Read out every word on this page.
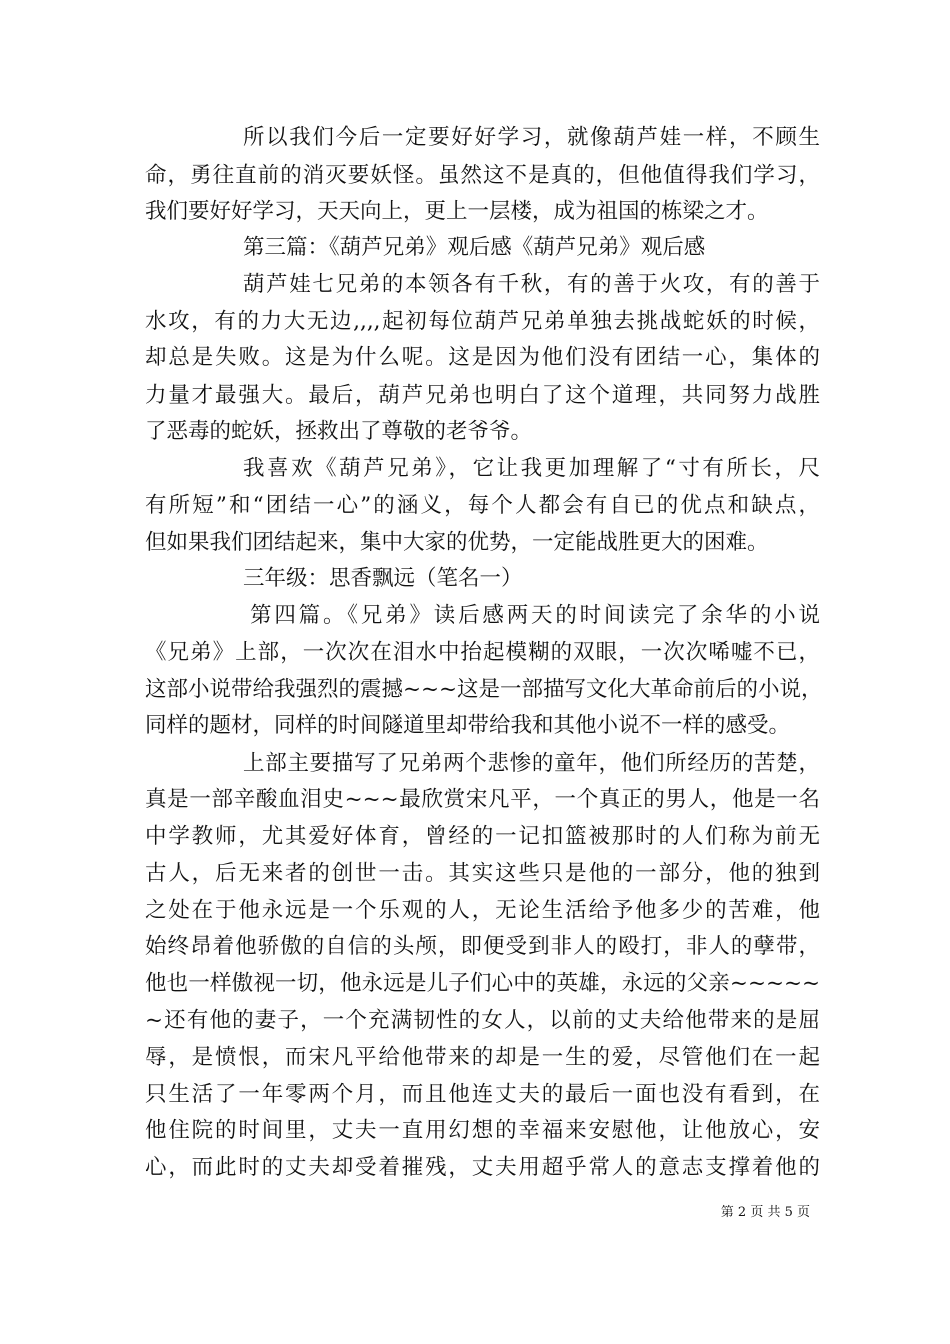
所以我们今后一定要好好学习，就像葫芦娃一样，不顾生
命，勇往直前的消灭要妖怪。虽然这不是真的，但他值得我们学习，
我们要好好学习，天天向上，更上一层楼，成为祖国的栋梁之才。
第三篇：《葫芦兄弟》观后感《葫芦兄弟》观后感
葫芦娃七兄弟的本领各有千秋，有的善于火攻，有的善于
水攻，有的力大无边,,,,起初每位葫芦兄弟单独去挑战蛇妖的时候，
却总是失败。这是为什么呢。这是因为他们没有团结一心，集体的
力量才最强大。最后，葫芦兄弟也明白了这个道理，共同努力战胜
了恶毒的蛇妖，拯救出了尊敬的老爷爷。
我喜欢《葫芦兄弟》，它让我更加理解了“寸有所长，尺
有所短”和“团结一心”的涵义，每个人都会有自已的优点和缺点，
但如果我们团结起来，集中大家的优势，一定能战胜更大的困难。
三年级：思香飘远（笔名一）
第四篇。《兄弟》读后感两天的时间读完了余华的小说
《兄弟》上部，一次次在泪水中抬起模糊的双眼，一次次唏嘘不已，
这部小说带给我强烈的震撼~~~这是一部描写文化大革命前后的小说，
同样的题材，同样的时间隧道里却带给我和其他小说不一样的感受。
上部主要描写了兄弟两个悲惨的童年，他们所经历的苦楚，
真是一部辛酸血泪史~~~最欣赏宋凡平，一个真正的男人，他是一名
中学教师，尤其爱好体育，曾经的一记扣篮被那时的人们称为前无
古人，后无来者的创世一击。其实这些只是他的一部分，他的独到
之处在于他永远是一个乐观的人，无论生活给予他多少的苦难，他
始终昂着他骄傲的自信的头颅，即便受到非人的殴打，非人的孽带，
他也一样傲视一切，他永远是儿子们心中的英雄，永远的父亲~~~~~
~还有他的妻子，一个充满韧性的女人，以前的丈夫给他带来的是屈
辱，是愤恨，而宋凡平给他带来的却是一生的爱，尽管他们在一起
只生活了一年零两个月，而且他连丈夫的最后一面也没有看到，在
他住院的时间里，丈夫一直用幻想的幸福来安慰他，让他放心，安
心，而此时的丈夫却受着摧残，丈夫用超乎常人的意志支撑着他的
第 2 页 共 5 页
